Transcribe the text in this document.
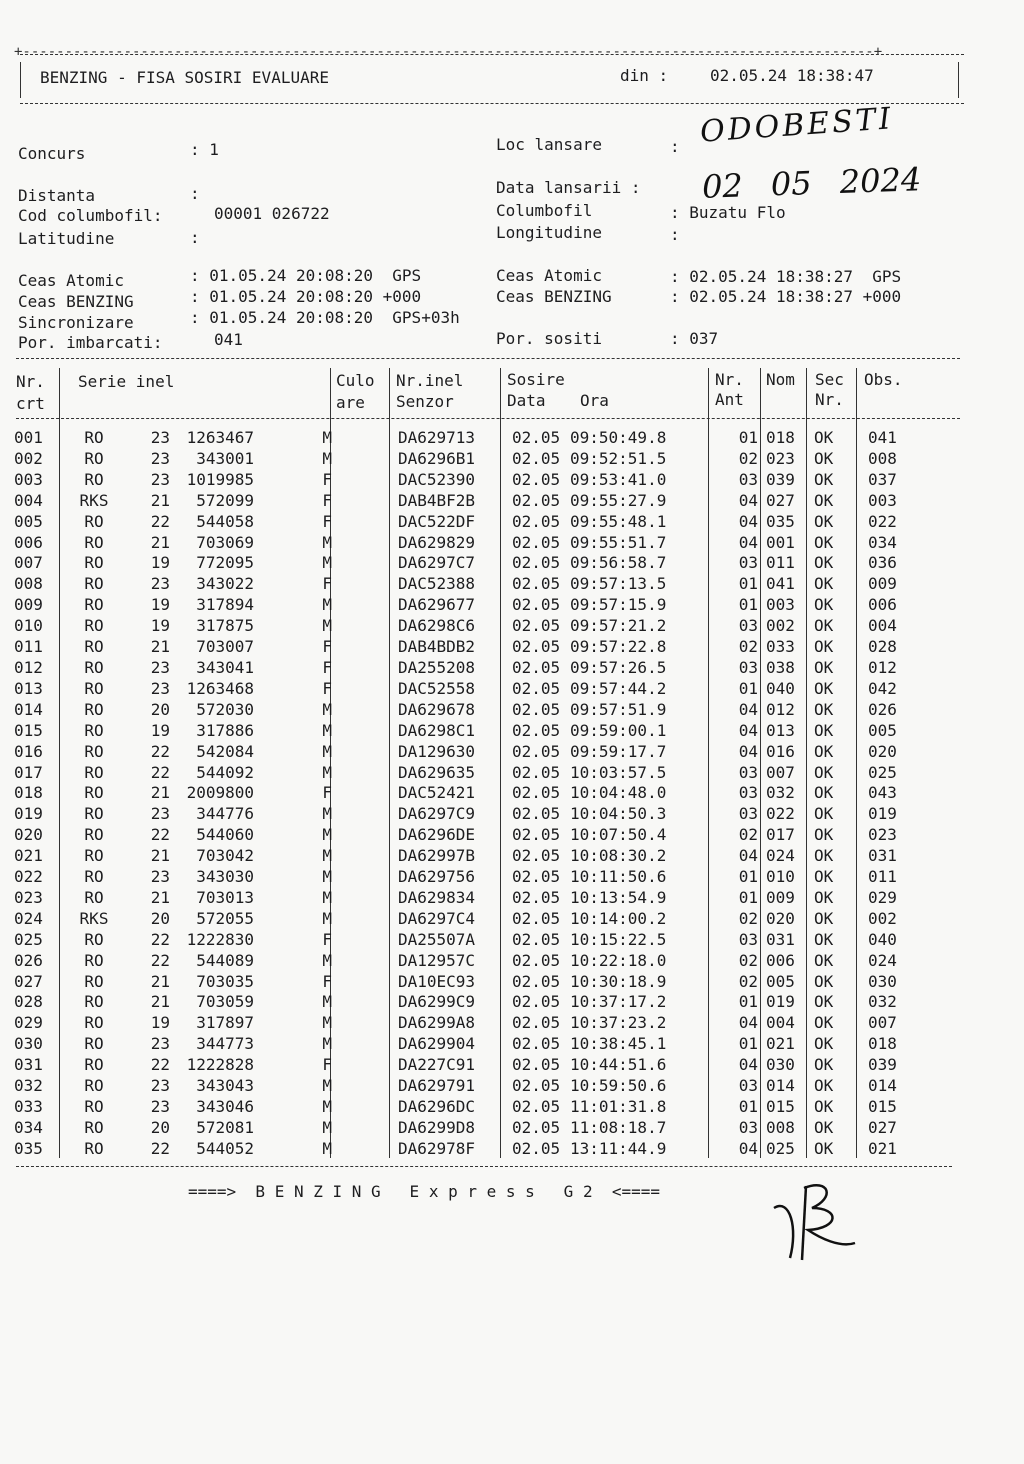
+-----------------------------------------------------------------------------------------------------+
BENZING - FISA SOSIRI EVALUARE	din :	02.05.24 18:38:47
Concurs	: 1	Loc lansare	: ODOBESTI
Distanta	:	Data lansarii : 02 05 2024
Cod columbofil:	00001 026722	Columbofil	: Buzatu Flo
Latitudine	:	Longitudine	:
Ceas Atomic	: 01.05.24 20:08:20  GPS
Ceas BENZING	: 01.05.24 20:08:20 +000
Sincronizare	: 01.05.24 20:08:20  GPS+03h
Por. imbarcati:	041
Ceas Atomic	: 02.05.24 18:38:27  GPS
Ceas BENZING	: 02.05.24 18:38:27 +000
Por. sositi	: 037
Nr.
crt
Serie inel	Culo
are
Nr.inel
Senzor
Sosire
Data Ora
Nr.
Ant
Nom Sec
Nr.
Obs.
001	RO	23	1263467	M		DA629713	02.05	09:50:49.8	01	018	OK	041
002	RO	23	343001	M		DA6296B1	02.05	09:52:51.5	02	023	OK	008
003	RO	23	1019985	F		DAC52390	02.05	09:53:41.0	03	039	OK	037
004	RKS	21	572099	F		DAB4BF2B	02.05	09:55:27.9	04	027	OK	003
005	RO	22	544058	F		DAC522DF	02.05	09:55:48.1	04	035	OK	022
006	RO	21	703069	M		DA629829	02.05	09:55:51.7	04	001	OK	034
007	RO	19	772095	M		DA6297C7	02.05	09:56:58.7	03	011	OK	036
008	RO	23	343022	F		DAC52388	02.05	09:57:13.5	01	041	OK	009
009	RO	19	317894	M		DA629677	02.05	09:57:15.9	01	003	OK	006
010	RO	19	317875	M		DA6298C6	02.05	09:57:21.2	03	002	OK	004
011	RO	21	703007	F		DAB4BDB2	02.05	09:57:22.8	02	033	OK	028
012	RO	23	343041	F		DA255208	02.05	09:57:26.5	03	038	OK	012
013	RO	23	1263468	F		DAC52558	02.05	09:57:44.2	01	040	OK	042
014	RO	20	572030	M		DA629678	02.05	09:57:51.9	04	012	OK	026
015	RO	19	317886	M		DA6298C1	02.05	09:59:00.1	04	013	OK	005
016	RO	22	542084	M		DA129630	02.05	09:59:17.7	04	016	OK	020
017	RO	22	544092	M		DA629635	02.05	10:03:57.5	03	007	OK	025
018	RO	21	2009800	F		DAC52421	02.05	10:04:48.0	03	032	OK	043
019	RO	23	344776	M		DA6297C9	02.05	10:04:50.3	03	022	OK	019
020	RO	22	544060	M		DA6296DE	02.05	10:07:50.4	02	017	OK	023
021	RO	21	703042	M		DA62997B	02.05	10:08:30.2	04	024	OK	031
022	RO	23	343030	M		DA629756	02.05	10:11:50.6	01	010	OK	011
023	RO	21	703013	M		DA629834	02.05	10:13:54.9	01	009	OK	029
024	RKS	20	572055	M		DA6297C4	02.05	10:14:00.2	02	020	OK	002
025	RO	22	1222830	F		DA25507A	02.05	10:15:22.5	03	031	OK	040
026	RO	22	544089	M		DA12957C	02.05	10:22:18.0	02	006	OK	024
027	RO	21	703035	F		DA10EC93	02.05	10:30:18.9	02	005	OK	030
028	RO	21	703059	M		DA6299C9	02.05	10:37:17.2	01	019	OK	032
029	RO	19	317897	M		DA6299A8	02.05	10:37:23.2	04	004	OK	007
030	RO	23	344773	M		DA629904	02.05	10:38:45.1	01	021	OK	018
031	RO	22	1222828	F		DA227C91	02.05	10:44:51.6	04	030	OK	039
032	RO	23	343043	M		DA629791	02.05	10:59:50.6	03	014	OK	014
033	RO	23	343046	M		DA6296DC	02.05	11:01:31.8	01	015	OK	015
034	RO	20	572081	M		DA6299D8	02.05	11:08:18.7	03	008	OK	027
035	RO	22	544052	M		DA62978F	02.05	13:11:44.9	04	025	OK	021
====>  B E N Z I N G   E x p r e s s   G 2  <====
